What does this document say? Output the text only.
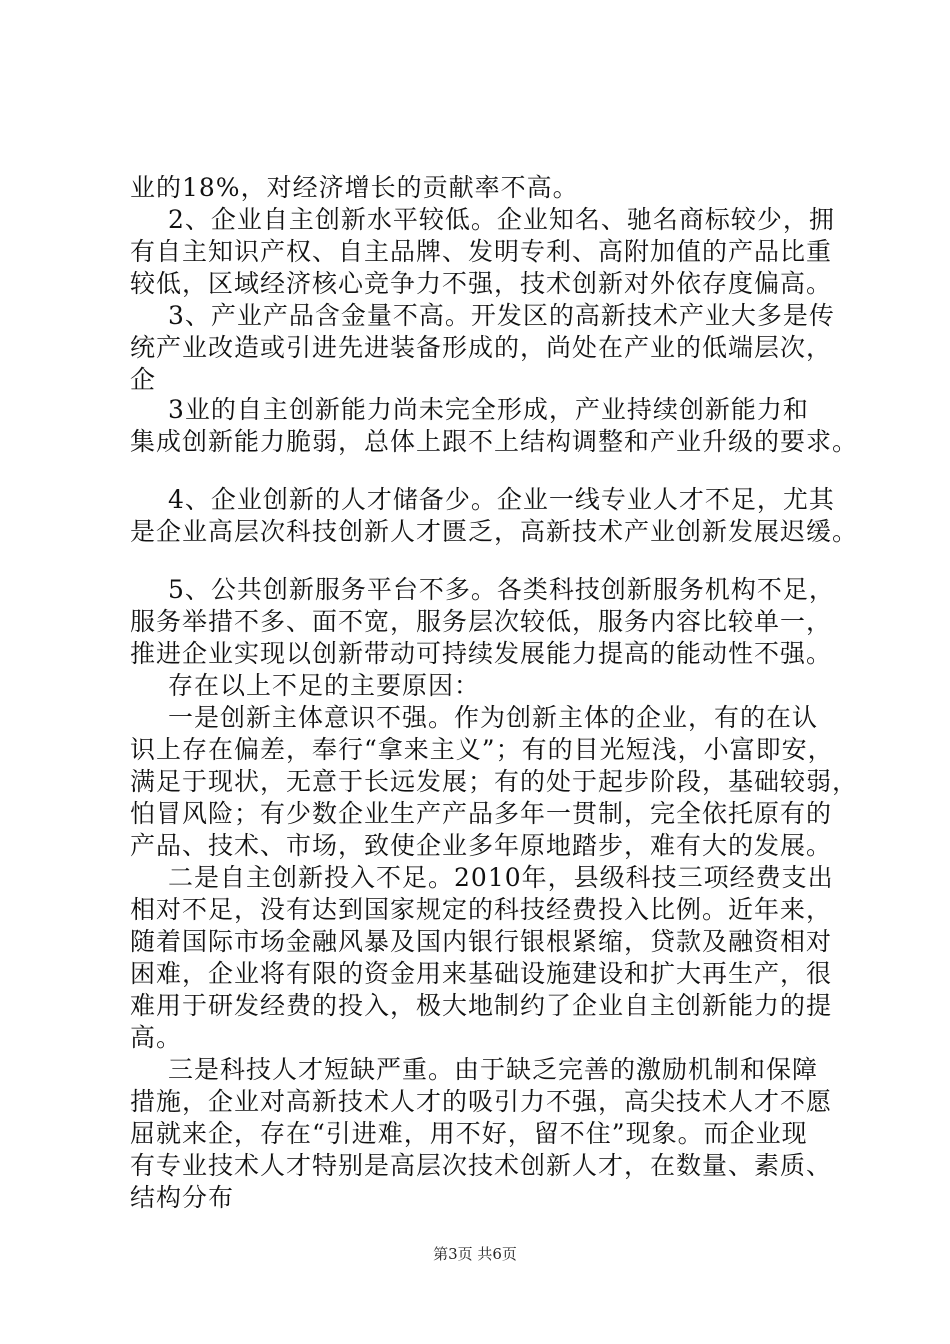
业的18%，对经济增长的贡献率不高。
2、企业自主创新水平较低。企业知名、驰名商标较少，拥
有自主知识产权、自主品牌、发明专利、高附加值的产品比重
较低，区域经济核心竞争力不强，技术创新对外依存度偏高。
3、产业产品含金量不高。开发区的高新技术产业大多是传
统产业改造或引进先进装备形成的，尚处在产业的低端层次，
企
3业的自主创新能力尚未完全形成，产业持续创新能力和
集成创新能力脆弱，总体上跟不上结构调整和产业升级的要求。
4、企业创新的人才储备少。企业一线专业人才不足，尤其
是企业高层次科技创新人才匮乏，高新技术产业创新发展迟缓。
5、公共创新服务平台不多。各类科技创新服务机构不足，
服务举措不多、面不宽，服务层次较低，服务内容比较单一，
推进企业实现以创新带动可持续发展能力提高的能动性不强。
存在以上不足的主要原因：
一是创新主体意识不强。作为创新主体的企业，有的在认
识上存在偏差，奉行“拿来主义”；有的目光短浅，小富即安，
满足于现状，无意于长远发展；有的处于起步阶段，基础较弱，
怕冒风险；有少数企业生产产品多年一贯制，完全依托原有的
产品、技术、市场，致使企业多年原地踏步，难有大的发展。
二是自主创新投入不足。2010年，县级科技三项经费支出
相对不足，没有达到国家规定的科技经费投入比例。近年来，
随着国际市场金融风暴及国内银行银根紧缩，贷款及融资相对
困难，企业将有限的资金用来基础设施建设和扩大再生产，很
难用于研发经费的投入，极大地制约了企业自主创新能力的提
高。
三是科技人才短缺严重。由于缺乏完善的激励机制和保障
措施，企业对高新技术人才的吸引力不强，高尖技术人才不愿
屈就来企，存在“引进难，用不好，留不住”现象。而企业现
有专业技术人才特别是高层次技术创新人才，在数量、素质、
结构分布
第3页 共6页
